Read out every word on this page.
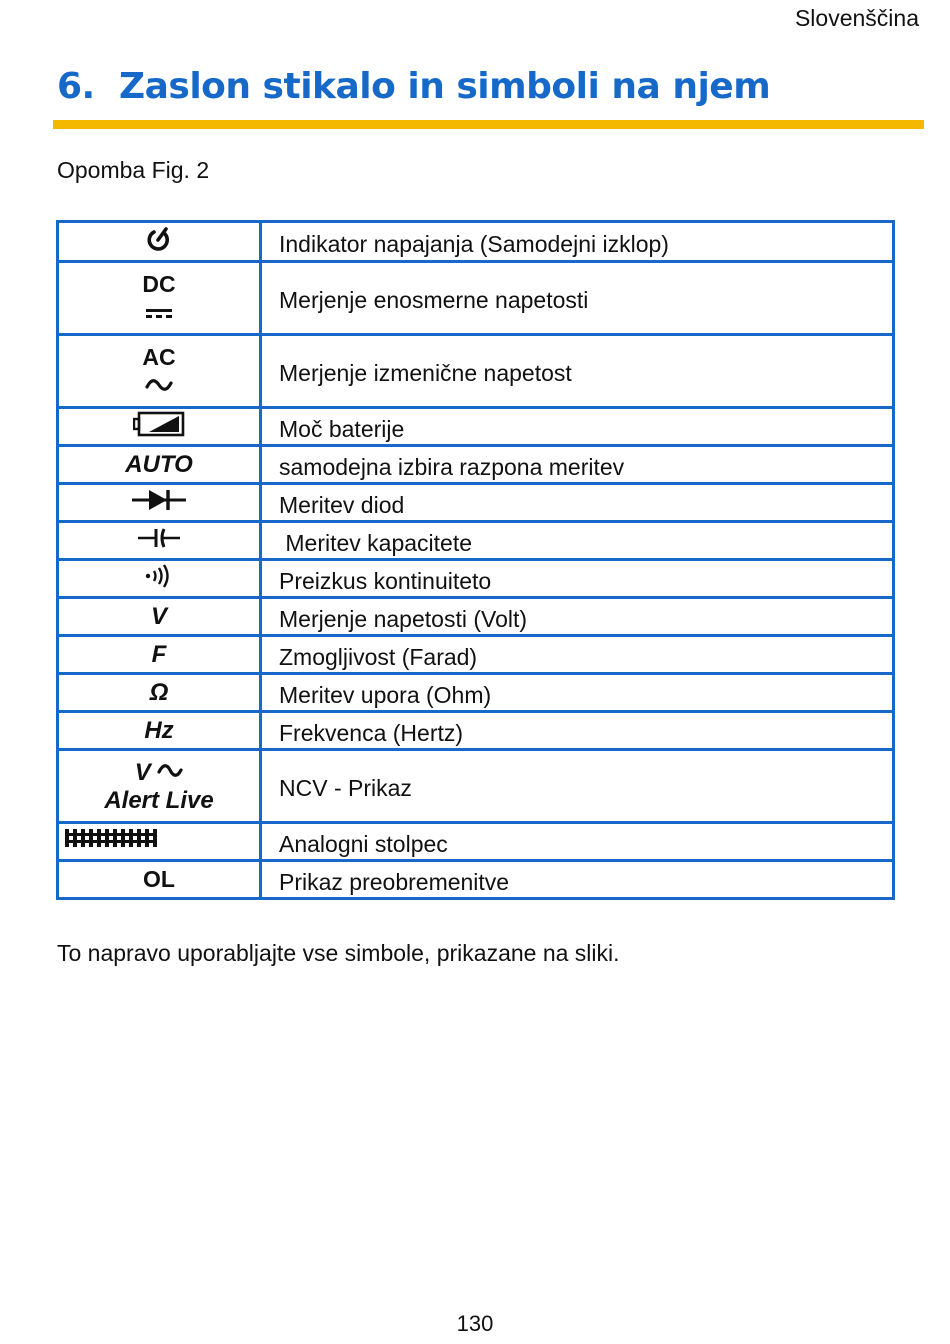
Slovenščina
6. Zaslon stikalo in simboli na njem
Opomba Fig. 2
	Indikator napajanja (Samodejni izklop)

DC	Merjenje enosmerne napetosti

AC	Merjenje izmenične napetost
	Moč baterije
AUTO	samodejna izbira razpona meritev
	Meritev diod
	Meritev kapacitete
	Preizkus kontinuiteto
V	Merjenje napetosti (Volt)
F	Zmogljivost (Farad)
Ω	Meritev upora (Ohm)
Hz	Frekvenca (Hertz)

V
Alert Live	NCV - Prikaz
	Analogni stolpec
OL	Prikaz preobremenitve
To napravo uporabljajte vse simbole, prikazane na sliki.
130
